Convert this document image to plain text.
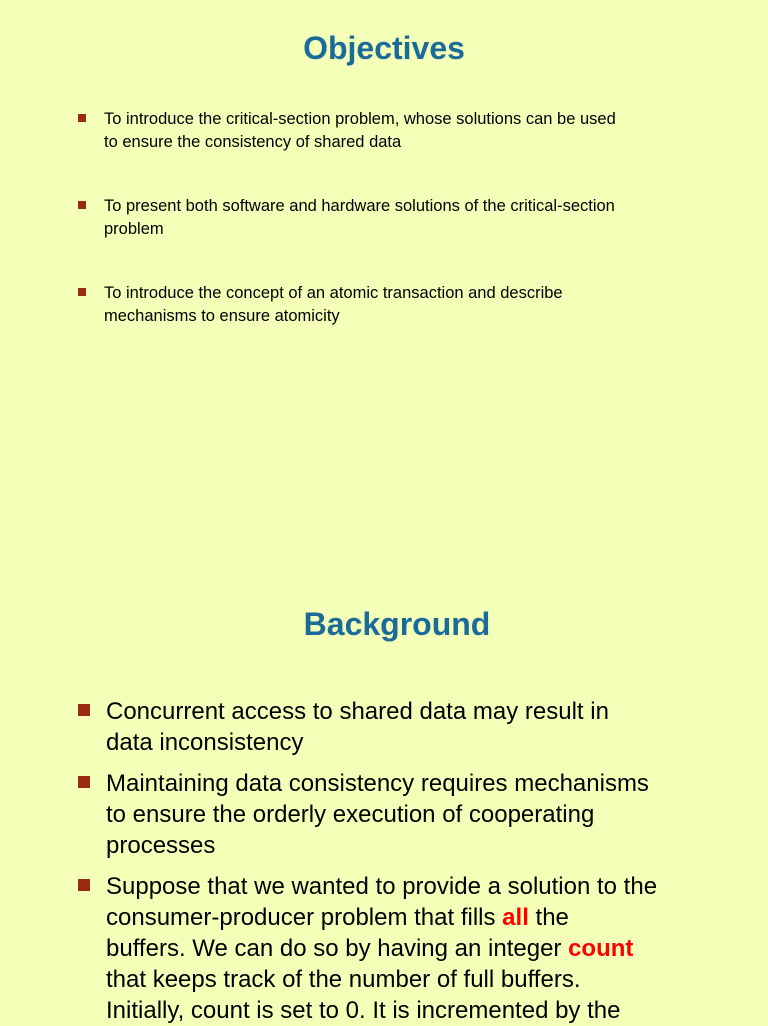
Objectives
To introduce the critical-section problem, whose solutions can be used
to ensure the consistency of shared data
To present both software and hardware solutions of the critical-section
problem
To introduce the concept of an atomic transaction and describe
mechanisms to ensure atomicity
Background
Concurrent access to shared data may result in
data inconsistency
Maintaining data consistency requires mechanisms
to ensure the orderly execution of cooperating
processes
Suppose that we wanted to provide a solution to the
consumer-producer problem that fills all the
buffers. We can do so by having an integer count
that keeps track of the number of full buffers.
Initially, count is set to 0. It is incremented by the
